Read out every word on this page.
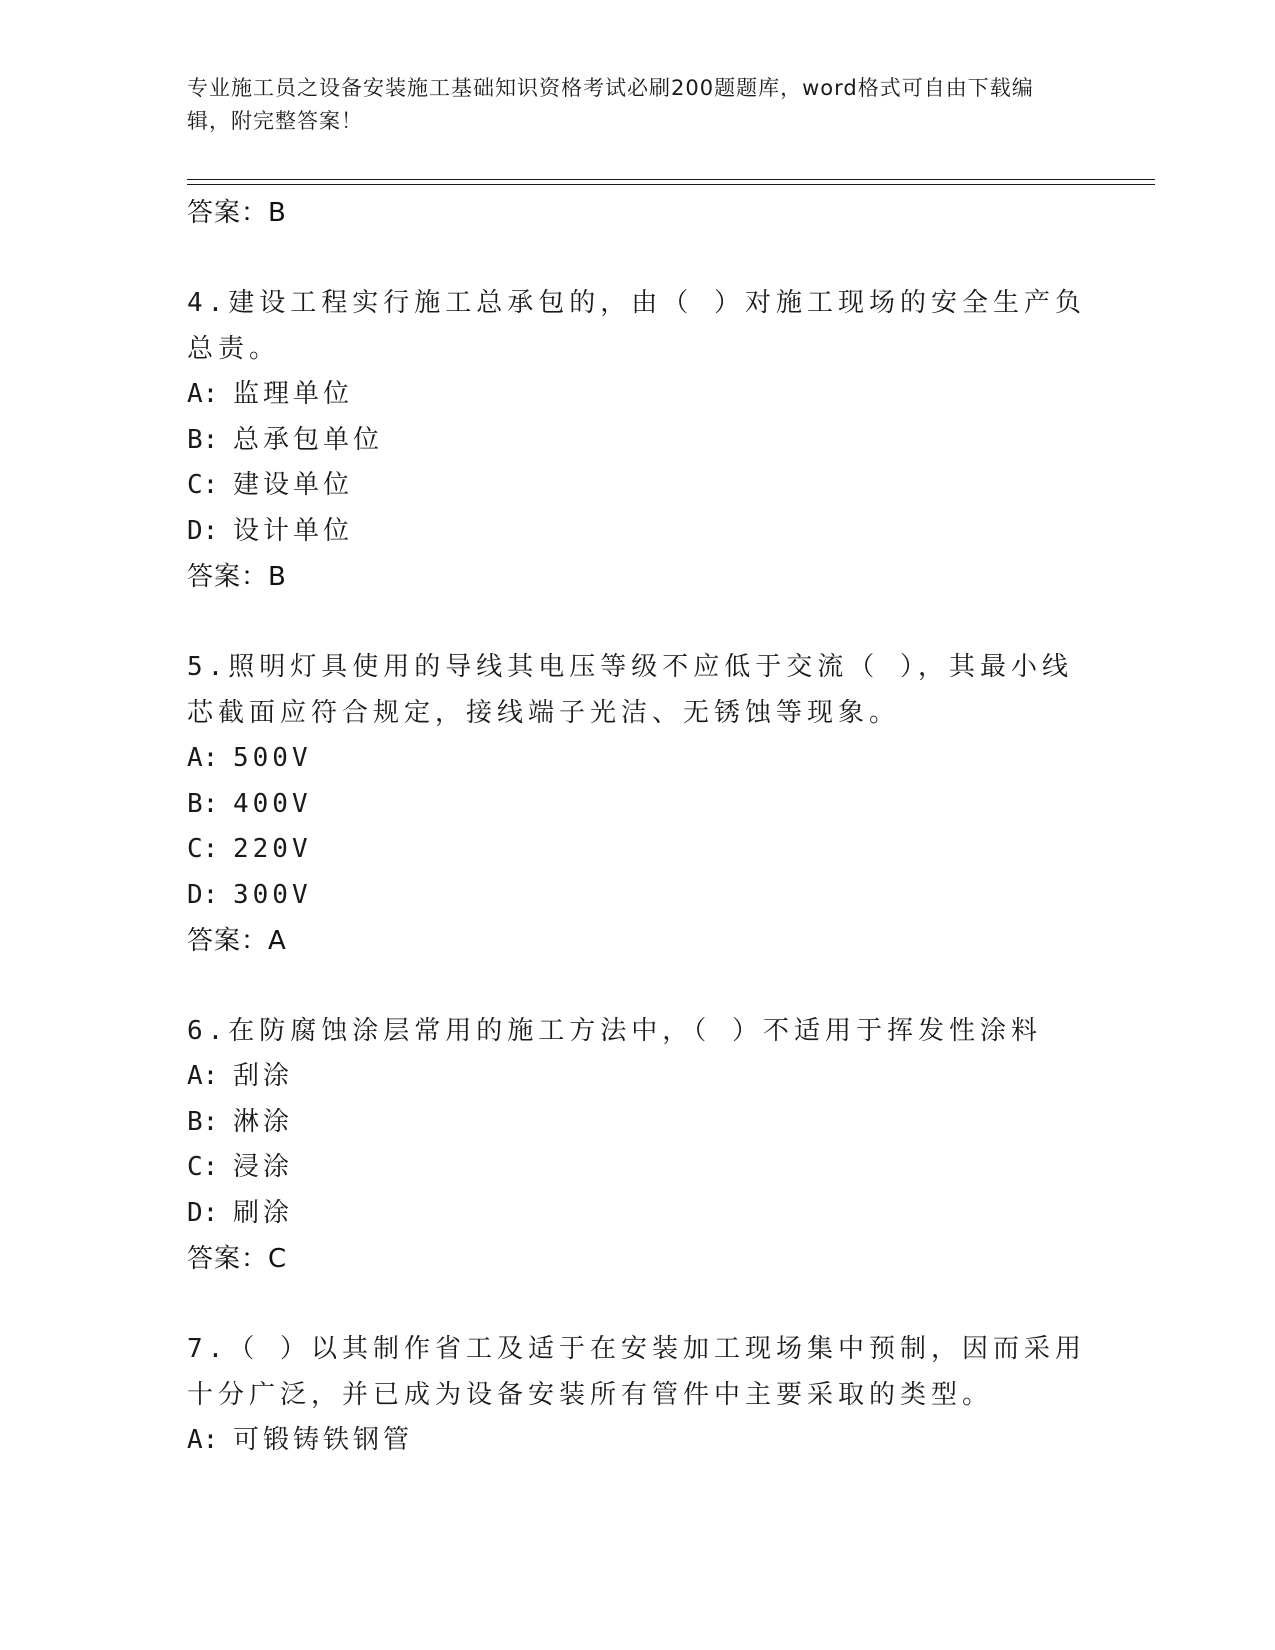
专业施工员之设备安装施工基础知识资格考试必刷200题题库，word格式可自由下载编辑，附完整答案！
答案：B
4.建设工程实行施工总承包的，由（ ）对施工现场的安全生产负总责。
A: 监理单位
B: 总承包单位
C: 建设单位
D: 设计单位
答案：B
5.照明灯具使用的导线其电压等级不应低于交流（ ），其最小线芯截面应符合规定，接线端子光洁、无锈蚀等现象。
A: 500V
B: 400V
C: 220V
D: 300V
答案：A
6.在防腐蚀涂层常用的施工方法中，（ ）不适用于挥发性涂料
A: 刮涂
B: 淋涂
C: 浸涂
D: 刷涂
答案：C
7.（ ）以其制作省工及适于在安装加工现场集中预制，因而采用十分广泛，并已成为设备安装所有管件中主要采取的类型。
A: 可锻铸铁钢管
